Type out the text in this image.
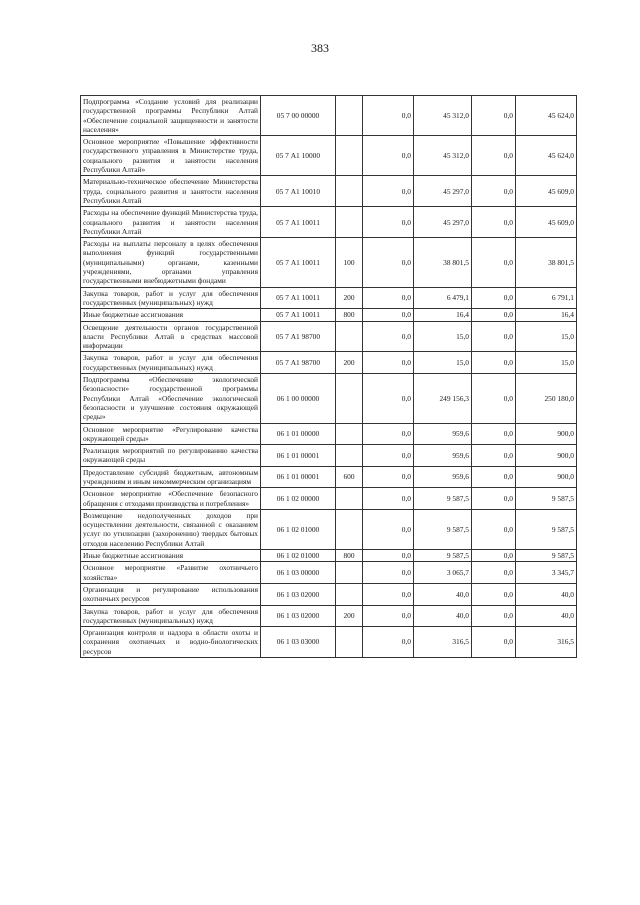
383
Подпрограмма «Создание условий для реализации государственной программы Республики Алтай «Обеспечение социальной защищенности и занятости населения»	05 7 00 00000		0,0	45 312,0	0,0	45 624,0
Основное мероприятие «Повышение эффективности государственного управления в Министерстве труда, социального развития и занятости населения Республики Алтай»	05 7 А1 10000		0,0	45 312,0	0,0	45 624,0
Материально-техническое обеспечение Министерства труда, социального развития и занятости населения Республики Алтай	05 7 А1 10010		0,0	45 297,0	0,0	45 609,0
Расходы на обеспечение функций Министерства труда, социального развития и занятости населения Республики Алтай	05 7 А1 10011		0,0	45 297,0	0,0	45 609,0
Расходы на выплаты персоналу в целях обеспечения выполнения функций государственными (муниципальными) органами, казенными учреждениями, органами управления государственными внебюджетными фондами	05 7 А1 10011	100	0,0	38 801,5	0,0	38 801,5
Закупка товаров, работ и услуг для обеспечения государственных (муниципальных) нужд	05 7 А1 10011	200	0,0	6 479,1	0,0	6 791,1
Иные бюджетные ассигнования	05 7 А1 10011	800	0,0	16,4	0,0	16,4
Освещение деятельности органов государственной власти Республики Алтай в средствах массовой информации	05 7 А1 98700		0,0	15,0	0,0	15,0
Закупка товаров, работ и услуг для обеспечения государственных (муниципальных) нужд	05 7 А1 98700	200	0,0	15,0	0,0	15,0
Подпрограмма «Обеспечение экологической безопасности» государственной программы Республики Алтай «Обеспечение экологической безопасности и улучшение состояния окружающей среды»	06 1 00 00000		0,0	249 156,3	0,0	250 180,0
Основное мероприятие «Регулирование качества окружающей среды»	06 1 01 00000		0,0	959,6	0,0	900,0
Реализация мероприятий по регулированию качества окружающей среды	06 1 01 00001		0,0	959,6	0,0	900,0
Предоставление субсидий бюджетным, автономным учреждениям и иным некоммерческим организациям	06 1 01 00001	600	0,0	959,6	0,0	900,0
Основное мероприятие «Обеспечение безопасного обращения с отходами производства и потребления»	06 1 02 00000		0,0	9 587,5	0,0	9 587,5
Возмещение недополученных доходов при осуществлении деятельности, связанной с оказанием услуг по утилизации (захоронению) твердых бытовых отходов населению Республики Алтай	06 1 02 01000		0,0	9 587,5	0,0	9 587,5
Иные бюджетные ассигнования	06 1 02 01000	800	0,0	9 587,5	0,0	9 587,5
Основное мероприятие «Развитие охотничьего хозяйства»	06 1 03 00000		0,0	3 065,7	0,0	3 345,7
Организация и регулирование использования охотничьих ресурсов	06 1 03 02000		0,0	40,0	0,0	40,0
Закупка товаров, работ и услуг для обеспечения государственных (муниципальных) нужд	06 1 03 02000	200	0,0	40,0	0,0	40,0
Организация контроля и надзора в области охоты и сохранения охотничьих и водно-биологических ресурсов	06 1 03 03000		0,0	316,5	0,0	316,5
